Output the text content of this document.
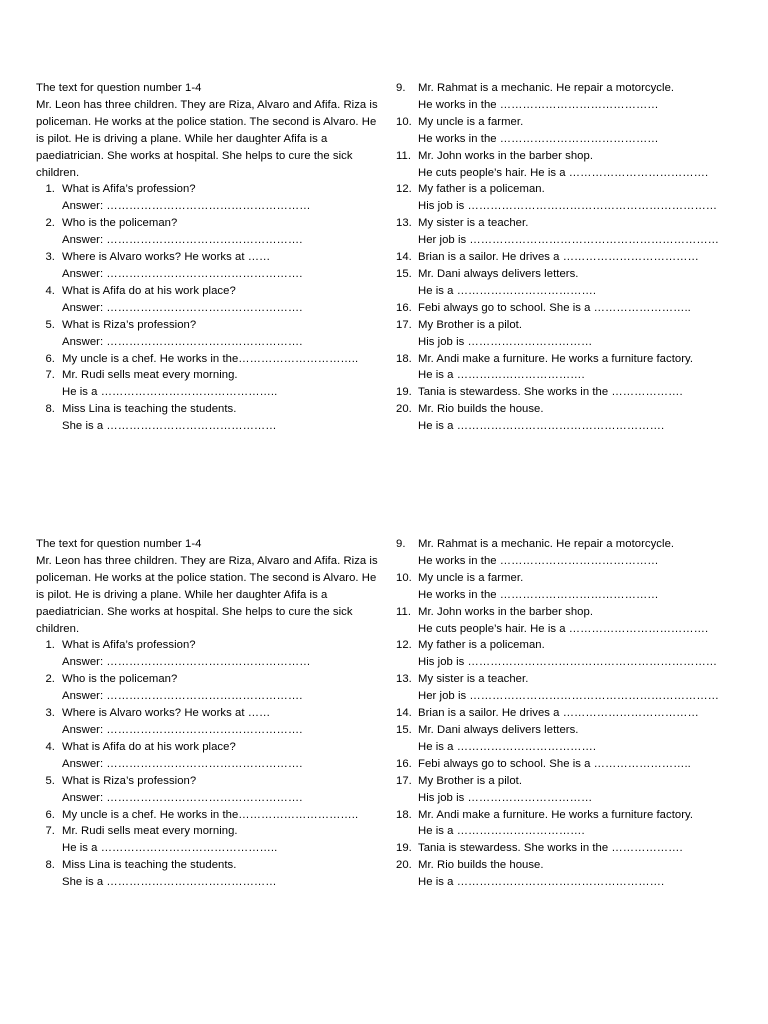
The text for question number 1-4
Mr. Leon has three children. They are Riza, Alvaro and Afifa. Riza is policeman. He works at the police station. The second is Alvaro. He is pilot. He is driving a plane. While her daughter Afifa is a paediatrician. She works at hospital. She helps to cure the sick children.
1. What is Afifa’s profession?
Answer: ………………………………………………
2. Who is the policeman?
Answer: …………………………………………….
3. Where is Alvaro works? He works at ……
Answer: …………………………………………….
4. What is Afifa do at his work place?
Answer: …………………………………………….
5. What is Riza’s profession?
Answer: …………………………………………….
6. My uncle is a chef. He works in the…………………………..
7. Mr. Rudi sells meat every morning.
He is a ………………………………………..
8. Miss Lina is teaching the students.
She is a ………………………………………
9.	Mr. Rahmat is a mechanic. He repair a motorcycle.
He works in the ……………………………………
10. My uncle is a farmer.
He works in the ……………………………………
11. Mr. John works in the barber shop.
He cuts people’s hair. He is a ……………………………….
12. My father is a policeman.
His job is …………………………………………………………
13. My sister is a teacher.
Her job is …………………………………………………………
14. Brian is a sailor. He drives a ………………………………
15. Mr. Dani always delivers letters.
He is a ……………………………….
16. Febi always go to school. She is a ……………………..
17. My Brother is a pilot.
His job is ……………………………
18. Mr. Andi make a furniture. He works a furniture factory.
He is a …………………………….
19. Tania is stewardess. She works in the ……………….
20. Mr. Rio builds the house.
He is a ……………………………………………….
The text for question number 1-4
Mr. Leon has three children. They are Riza, Alvaro and Afifa. Riza is policeman. He works at the police station. The second is Alvaro. He is pilot. He is driving a plane. While her daughter Afifa is a paediatrician. She works at hospital. She helps to cure the sick children.
1. What is Afifa’s profession?
Answer: ………………………………………………
2. Who is the policeman?
Answer: …………………………………………….
3. Where is Alvaro works? He works at ……
Answer: …………………………………………….
4. What is Afifa do at his work place?
Answer: …………………………………………….
5. What is Riza’s profession?
Answer: …………………………………………….
6. My uncle is a chef. He works in the…………………………..
7. Mr. Rudi sells meat every morning.
He is a ………………………………………..
8. Miss Lina is teaching the students.
She is a ………………………………………
9.	Mr. Rahmat is a mechanic. He repair a motorcycle.
He works in the ……………………………………
10. My uncle is a farmer.
He works in the ……………………………………
11. Mr. John works in the barber shop.
He cuts people’s hair. He is a ……………………………….
12. My father is a policeman.
His job is …………………………………………………………
13. My sister is a teacher.
Her job is …………………………………………………………
14. Brian is a sailor. He drives a ………………………………
15. Mr. Dani always delivers letters.
He is a ……………………………….
16. Febi always go to school. She is a ……………………..
17. My Brother is a pilot.
His job is ……………………………
18. Mr. Andi make a furniture. He works a furniture factory.
He is a …………………………….
19. Tania is stewardess. She works in the ……………….
20. Mr. Rio builds the house.
He is a ……………………………………………….
